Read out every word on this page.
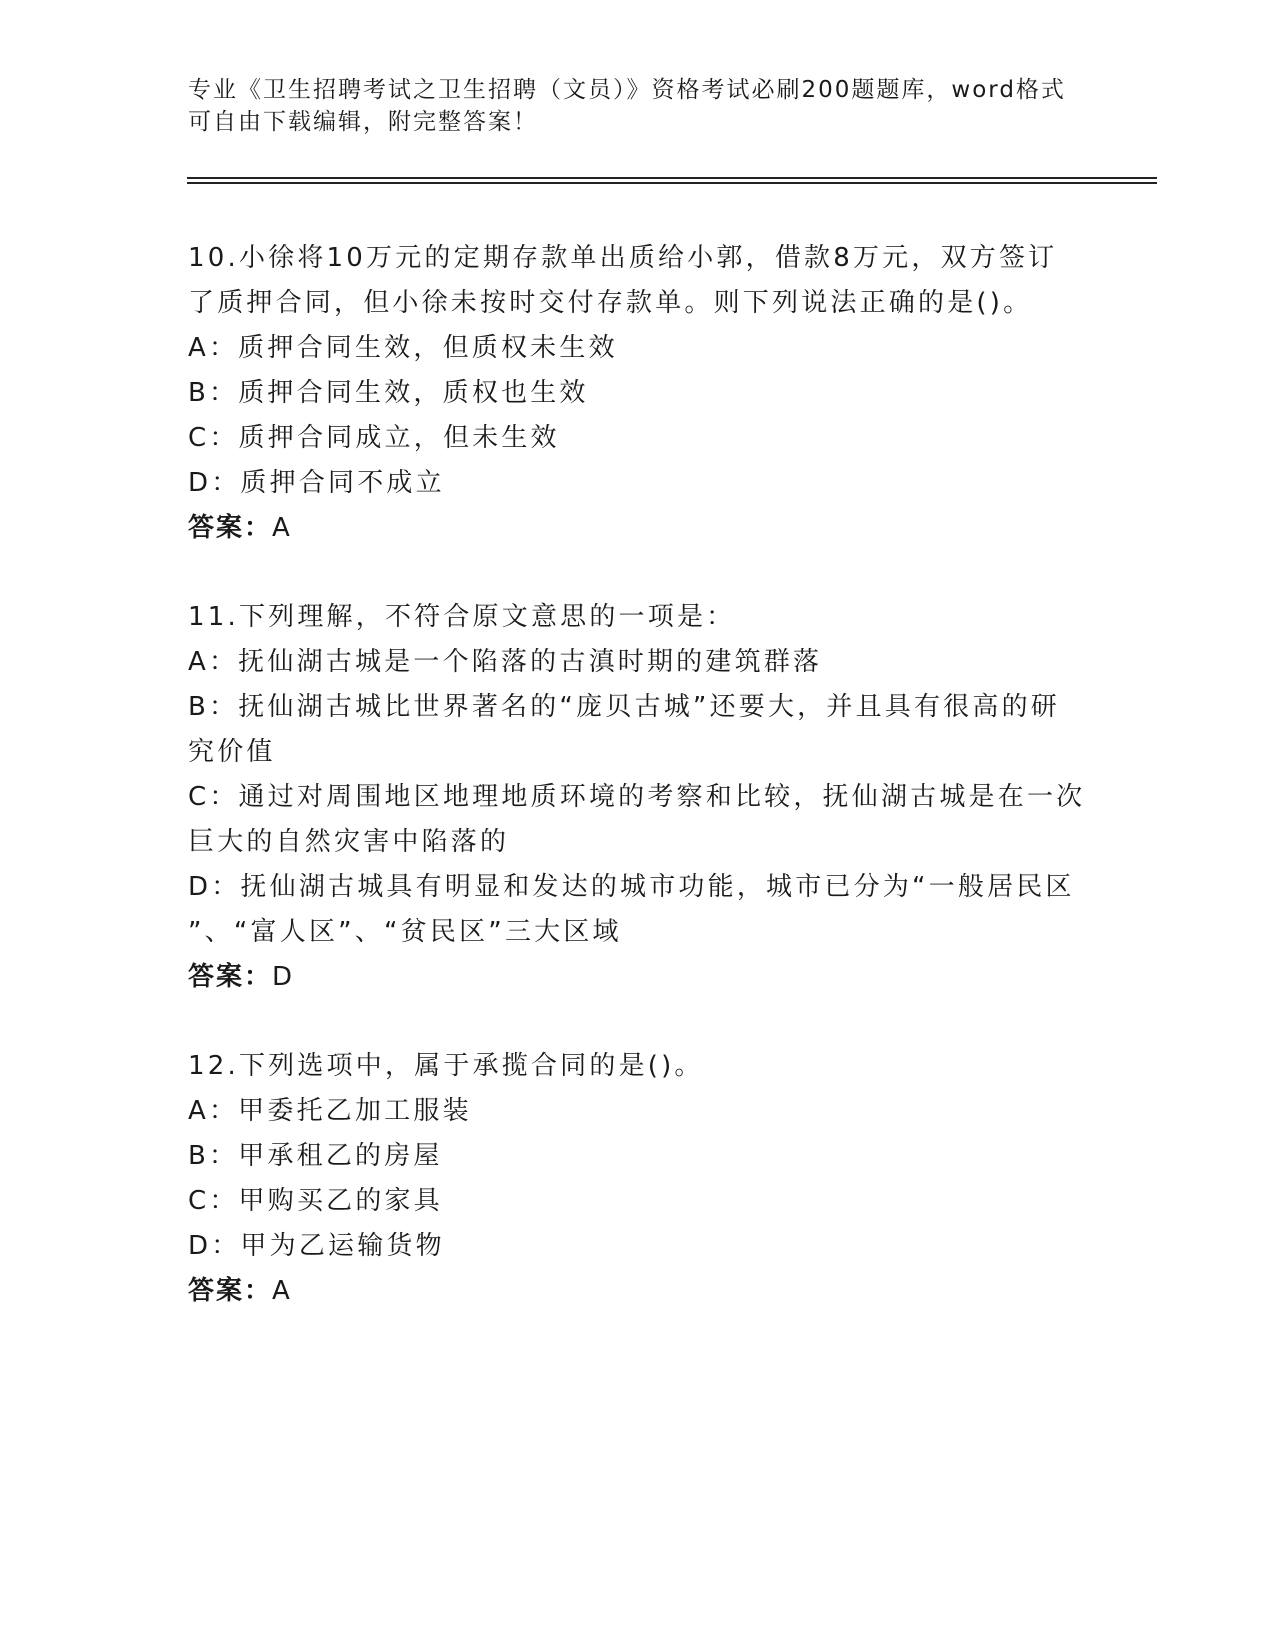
专业《卫生招聘考试之卫生招聘（文员）》资格考试必刷200题题库，word格式

可自由下载编辑，附完整答案！

10.小徐将10万元的定期存款单出质给小郭，借款8万元，双方签订

了质押合同，但小徐未按时交付存款单。则下列说法正确的是()。

A：质押合同生效，但质权未生效

B：质押合同生效，质权也生效

C：质押合同成立，但未生效

D：质押合同不成立

答案：A

11.下列理解，不符合原文意思的一项是：

A：抚仙湖古城是一个陷落的古滇时期的建筑群落

B：抚仙湖古城比世界著名的“庞贝古城”还要大，并且具有很高的研

究价值

C：通过对周围地区地理地质环境的考察和比较，抚仙湖古城是在一次

巨大的自然灾害中陷落的

D：抚仙湖古城具有明显和发达的城市功能，城市已分为“一般居民区

”、“富人区”、“贫民区”三大区域

答案：D

12.下列选项中，属于承揽合同的是()。

A：甲委托乙加工服装

B：甲承租乙的房屋

C：甲购买乙的家具

D：甲为乙运输货物

答案：A
